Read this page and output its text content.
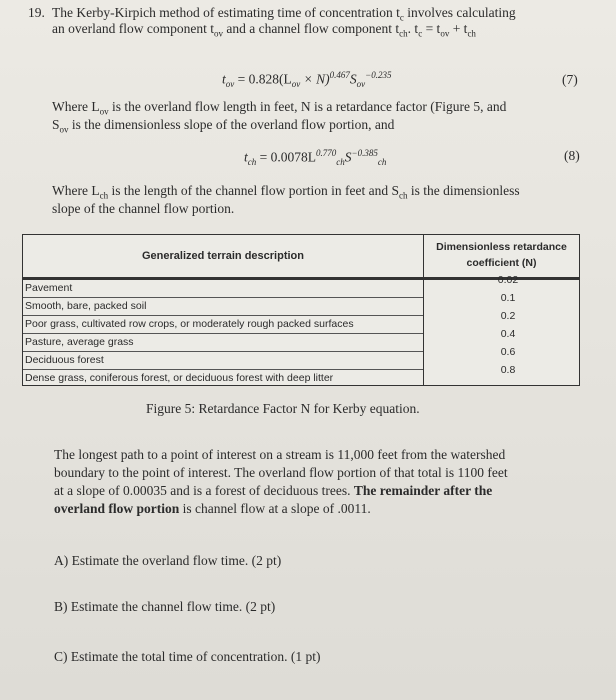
19. The Kerby-Kirpich method of estimating time of concentration $t_c$ involves calculating
an overland flow component $t_{ov}$ and a channel flow component $t_{ch}$. $t_c = t_{ov} + t_{ch}$
$t_{ov} = 0.828(L_{ov} \times N)^{0.467}S_{ov}^{-0.235}$	(7)
Where $L_{ov}$ is the overland flow length in feet, N is a retardance factor (Figure 5, and
$S_{ov}$ is the dimensionless slope of the overland flow portion, and
$t_{ch} = 0.0078L^{0.770}_{ch}S^{-0.385}_{ch}$	(8)
Where $L_{ch}$ is the length of the channel flow portion in feet and $S_{ch}$ is the dimensionless
slope of the channel flow portion.
Generalized terrain description
Dimensionless retardance
coefficient (N)
Pavement
0.02
Smooth, bare, packed soil
0.1
Poor grass, cultivated row crops, or moderately rough packed surfaces
0.2
Pasture, average grass
0.4
Deciduous forest
0.6
Dense grass, coniferous forest, or deciduous forest with deep litter
0.8
Figure 5: Retardance Factor N for Kerby equation.
The longest path to a point of interest on a stream is 11,000 feet from the watershed
boundary to the point of interest. The overland flow portion of that total is 1100 feet
at a slope of 0.00035 and is a forest of deciduous trees. The remainder after the
overland flow portion is channel flow at a slope of .0011.
A) Estimate the overland flow time. (2 pt)
B) Estimate the channel flow time. (2 pt)
C) Estimate the total time of concentration. (1 pt)
